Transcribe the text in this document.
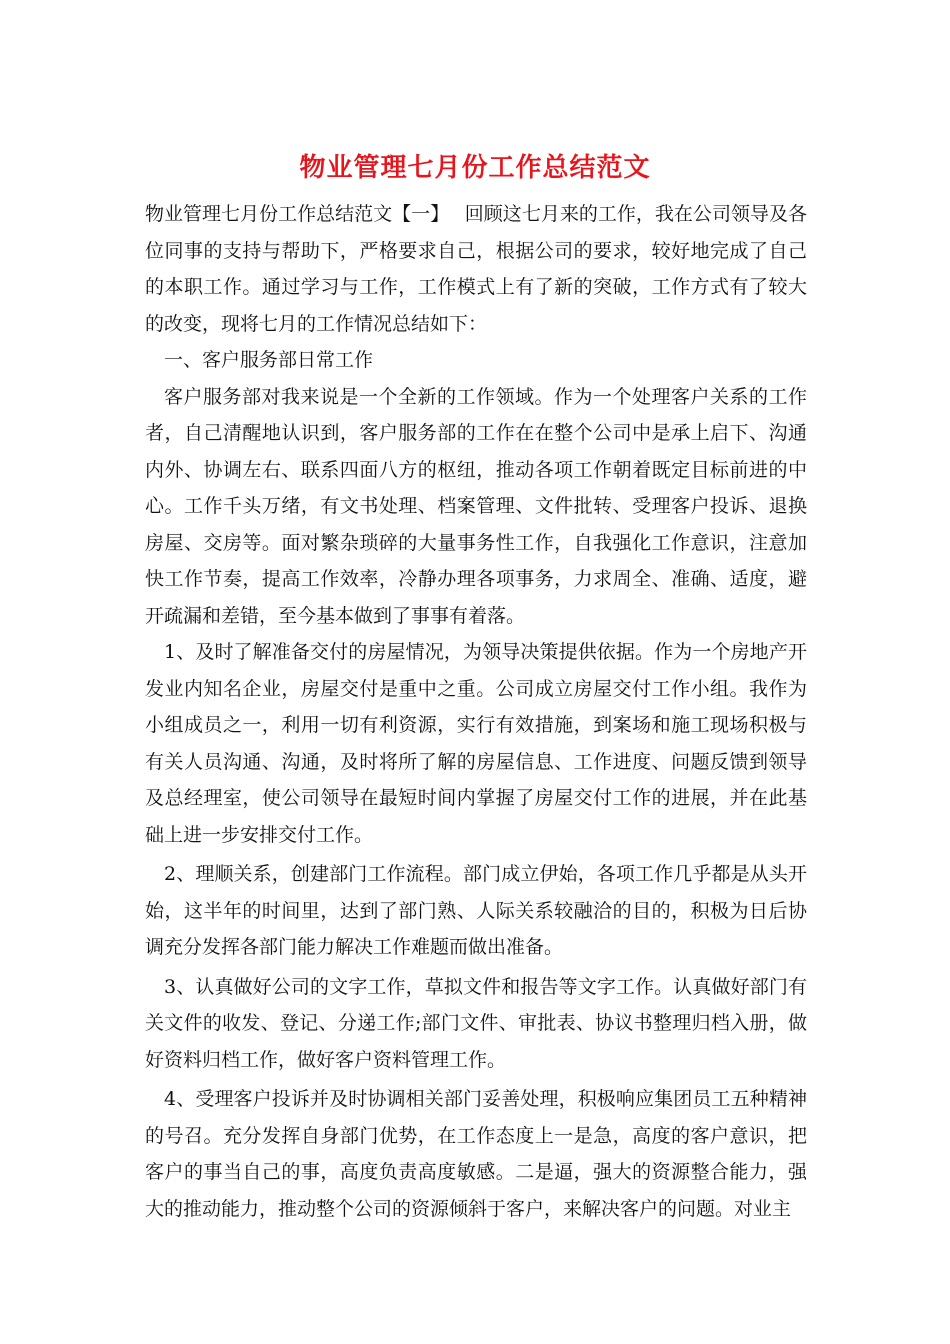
物业管理七月份工作总结范文

物业管理七月份工作总结范文【一】　 回顾这七月来的工作，我在公司领导及各位同事的支持与帮助下，严格要求自己，根据公司的要求，较好地完成了自己的本职工作。通过学习与工作，工作模式上有了新的突破，工作方式有了较大的改变，现将七月的工作情况总结如下：

一、客户服务部日常工作

客户服务部对我来说是一个全新的工作领域。作为一个处理客户关系的工作者，自己清醒地认识到，客户服务部的工作在在整个公司中是承上启下、沟通内外、协调左右、联系四面八方的枢纽，推动各项工作朝着既定目标前进的中心。工作千头万绪，有文书处理、档案管理、文件批转、受理客户投诉、退换房屋、交房等。面对繁杂琐碎的大量事务性工作，自我强化工作意识，注意加快工作节奏，提高工作效率，冷静办理各项事务，力求周全、准确、适度，避开疏漏和差错，至今基本做到了事事有着落。

1、及时了解准备交付的房屋情况，为领导决策提供依据。作为一个房地产开发业内知名企业，房屋交付是重中之重。公司成立房屋交付工作小组。我作为小组成员之一，利用一切有利资源，实行有效措施，到案场和施工现场积极与有关人员沟通、沟通，及时将所了解的房屋信息、工作进度、问题反馈到领导及总经理室，使公司领导在最短时间内掌握了房屋交付工作的进展，并在此基础上进一步安排交付工作。

2、理顺关系，创建部门工作流程。部门成立伊始，各项工作几乎都是从头开始，这半年的时间里，达到了部门熟、人际关系较融洽的目的，积极为日后协调充分发挥各部门能力解决工作难题而做出准备。

3、认真做好公司的文字工作，草拟文件和报告等文字工作。认真做好部门有关文件的收发、登记、分递工作;部门文件、审批表、协议书整理归档入册，做好资料归档工作，做好客户资料管理工作。

4、受理客户投诉并及时协调相关部门妥善处理，积极响应集团员工五种精神的号召。充分发挥自身部门优势，在工作态度上一是急，高度的客户意识，把客户的事当自己的事，高度负责高度敏感。二是逼，强大的资源整合能力，强大的推动能力，推动整个公司的资源倾斜于客户，来解决客户的问题。对业主
